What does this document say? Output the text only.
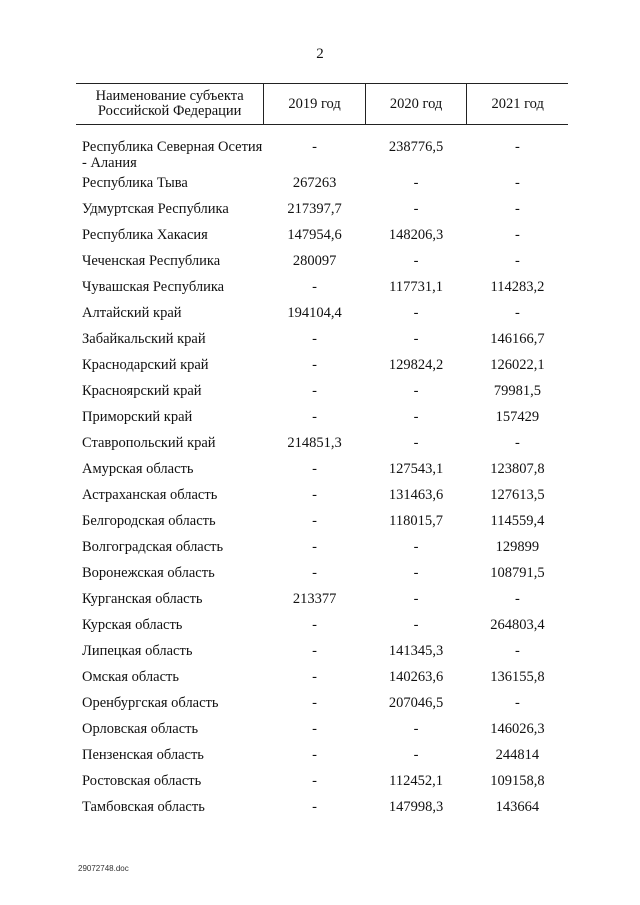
2
Наименование субъекта Российской Федерации	2019 год	2020 год	2021 год

Республика Северная Осетия - Алания	-	238776,5	-
Республика Тыва	267263	-	-
Удмуртская Республика	217397,7	-	-
Республика Хакасия	147954,6	148206,3	-
Чеченская Республика	280097	-	-
Чувашская Республика	-	117731,1	114283,2
Алтайский край	194104,4	-	-
Забайкальский край	-	-	146166,7
Краснодарский край	-	129824,2	126022,1
Красноярский край	-	-	79981,5
Приморский край	-	-	157429
Ставропольский край	214851,3	-	-
Амурская область	-	127543,1	123807,8
Астраханская область	-	131463,6	127613,5
Белгородская область	-	118015,7	114559,4
Волгоградская область	-	-	129899
Воронежская область	-	-	108791,5
Курганская область	213377	-	-
Курская область	-	-	264803,4
Липецкая область	-	141345,3	-
Омская область	-	140263,6	136155,8
Оренбургская область	-	207046,5	-
Орловская область	-	-	146026,3
Пензенская область	-	-	244814
Ростовская область	-	112452,1	109158,8
Тамбовская область	-	147998,3	143664
29072748.doc
